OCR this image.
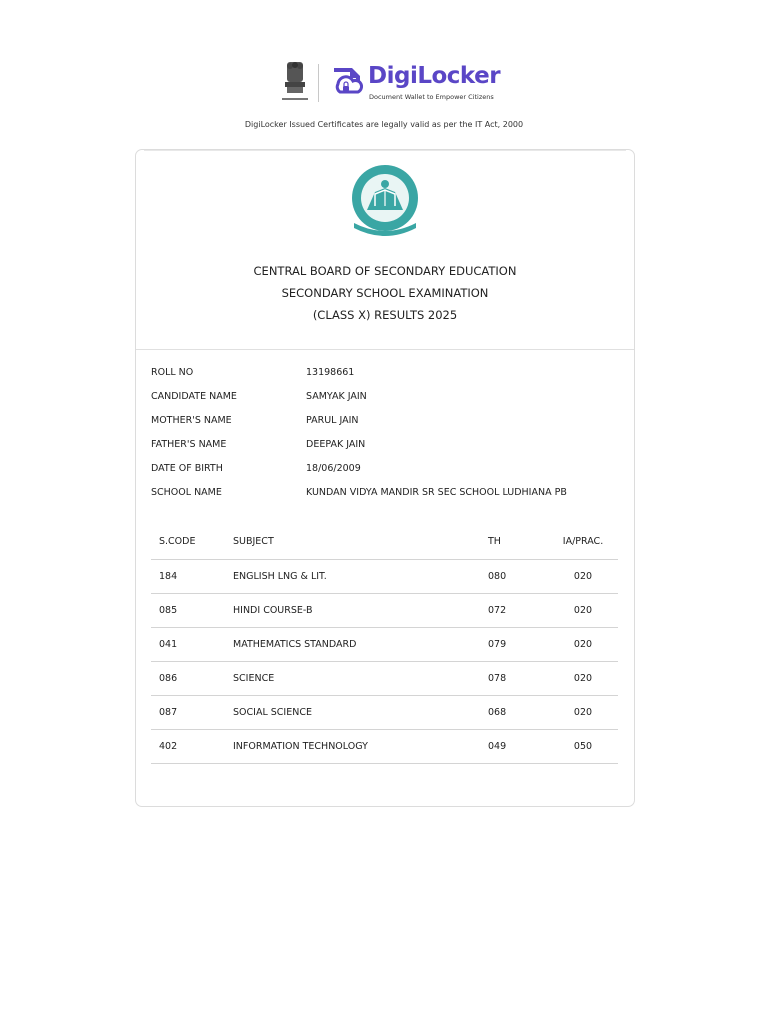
DigiLocker
Document Wallet to Empower Citizens
DigiLocker Issued Certificates are legally valid as per the IT Act, 2000
CENTRAL BOARD OF SECONDARY EDUCATION
SECONDARY SCHOOL EXAMINATION
(CLASS X) RESULTS 2025
ROLL NO	13198661
CANDIDATE NAME	SAMYAK JAIN
MOTHER'S NAME	PARUL JAIN
FATHER'S NAME	DEEPAK JAIN
DATE OF BIRTH	18/06/2009
SCHOOL NAME	KUNDAN VIDYA MANDIR SR SEC SCHOOL LUDHIANA PB
S.CODE	SUBJECT	TH	IA/PRAC.
184	ENGLISH LNG & LIT.	080	020
085	HINDI COURSE-B	072	020
041	MATHEMATICS STANDARD	079	020
086	SCIENCE	078	020
087	SOCIAL SCIENCE	068	020
402	INFORMATION TECHNOLOGY	049	050
